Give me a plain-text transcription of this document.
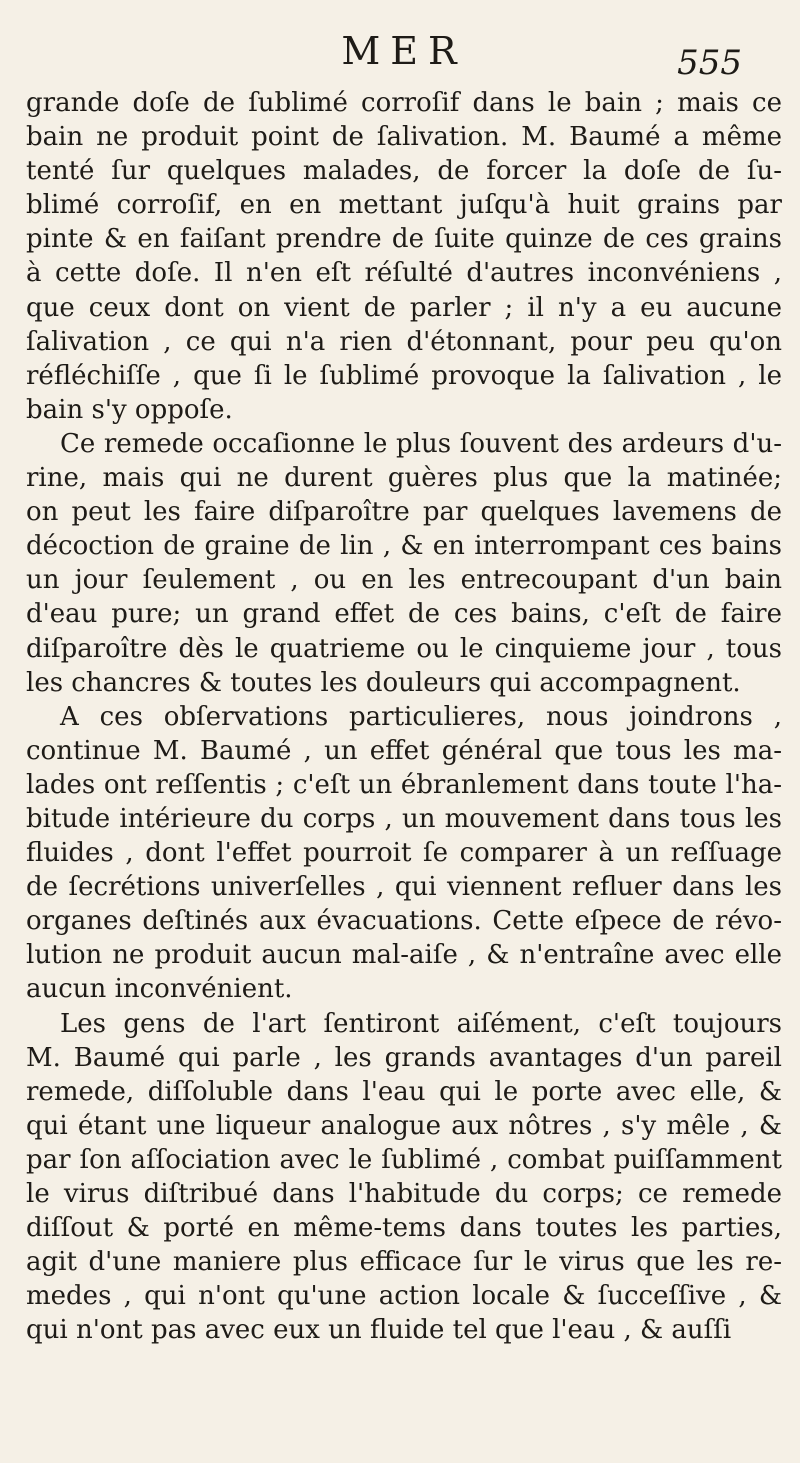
MER	555
grande doſe de ſublimé corroſif dans le bain ; mais ce
bain ne produit point de ſalivation. M. Baumé a même
tenté ſur quelques malades, de forcer la doſe de ſu-
blimé corroſif, en en mettant juſqu'à huit grains par
pinte & en faiſant prendre de ſuite quinze de ces grains
à cette doſe. Il n'en eſt réſulté d'autres inconvéniens ,
que ceux dont on vient de parler ; il n'y a eu aucune
ſalivation , ce qui n'a rien d'étonnant, pour peu qu'on
réfléchiſſe , que ſi le ſublimé provoque la ſalivation , le
bain s'y oppoſe.
Ce remede occaſionne le plus ſouvent des ardeurs d'u-
rine, mais qui ne durent guères plus que la matinée;
on peut les faire diſparoître par quelques lavemens de
décoction de graine de lin , & en interrompant ces bains
un jour ſeulement , ou en les entrecoupant d'un bain
d'eau pure; un grand effet de ces bains, c'eſt de faire
diſparoître dès le quatrieme ou le cinquieme jour , tous
les chancres & toutes les douleurs qui accompagnent.
A ces obſervations particulieres, nous joindrons ,
continue M. Baumé , un effet général que tous les ma-
lades ont reſſentis ; c'eſt un ébranlement dans toute l'ha-
bitude intérieure du corps , un mouvement dans tous les
fluides , dont l'effet pourroit ſe comparer à un reſſuage
de ſecrétions univerſelles , qui viennent refluer dans les
organes deſtinés aux évacuations. Cette eſpece de révo-
lution ne produit aucun mal-aiſe , & n'entraîne avec elle
aucun inconvénient.
Les gens de l'art ſentiront aiſément, c'eſt toujours
M. Baumé qui parle , les grands avantages d'un pareil
remede, diſſoluble dans l'eau qui le porte avec elle, &
qui étant une liqueur analogue aux nôtres , s'y mêle , &
par ſon aſſociation avec le ſublimé , combat puiſſamment
le virus diſtribué dans l'habitude du corps; ce remede
diſſout & porté en même-tems dans toutes les parties,
agit d'une maniere plus efficace ſur le virus que les re-
medes , qui n'ont qu'une action locale & ſucceſſive , &
qui n'ont pas avec eux un fluide tel que l'eau , & auſſi
